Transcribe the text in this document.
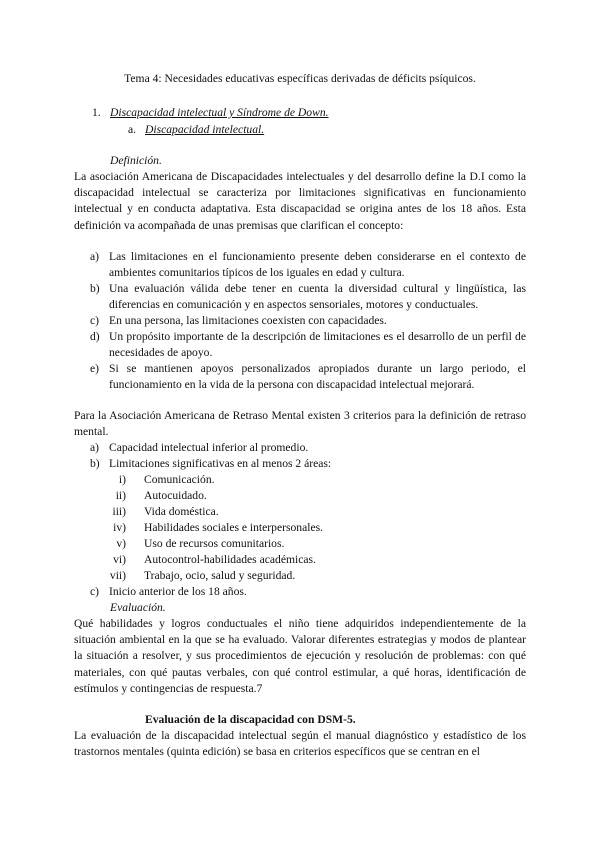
Tema 4: Necesidades educativas específicas derivadas de déficits psíquicos.
1. Discapacidad intelectual y Síndrome de Down.
a. Discapacidad intelectual.
Definición.
La asociación Americana de Discapacidades intelectuales y del desarrollo define la D.I como la discapacidad intelectual se caracteriza por limitaciones significativas en funcionamiento intelectual y en conducta adaptativa. Esta discapacidad se origina antes de los 18 años. Esta definición va acompañada de unas premisas que clarifican el concepto:
a) Las limitaciones en el funcionamiento presente deben considerarse en el contexto de ambientes comunitarios típicos de los iguales en edad y cultura.
b) Una evaluación válida debe tener en cuenta la diversidad cultural y lingüística, las diferencias en comunicación y en aspectos sensoriales, motores y conductuales.
c) En una persona, las limitaciones coexisten con capacidades.
d) Un propósito importante de la descripción de limitaciones es el desarrollo de un perfil de necesidades de apoyo.
e) Si se mantienen apoyos personalizados apropiados durante un largo periodo, el funcionamiento en la vida de la persona con discapacidad intelectual mejorará.
Para la Asociación Americana de Retraso Mental existen 3 criterios para la definición de retraso mental.
a) Capacidad intelectual inferior al promedio.
b) Limitaciones significativas en al menos 2 áreas:
i) Comunicación.
ii) Autocuidado.
iii) Vida doméstica.
iv) Habilidades sociales e interpersonales.
v) Uso de recursos comunitarios.
vi) Autocontrol-habilidades académicas.
vii) Trabajo, ocio, salud y seguridad.
c) Inicio anterior de los 18 años.
Evaluación.
Qué habilidades y logros conductuales el niño tiene adquiridos independientemente de la situación ambiental en la que se ha evaluado. Valorar diferentes estrategias y modos de plantear la situación a resolver, y sus procedimientos de ejecución y resolución de problemas: con qué materiales, con qué pautas verbales, con qué control estimular, a qué horas, identificación de estímulos y contingencias de respuesta.7
Evaluación de la discapacidad con DSM-5.
La evaluación de la discapacidad intelectual según el manual diagnóstico y estadístico de los trastornos mentales (quinta edición) se basa en criterios específicos que se centran en el
